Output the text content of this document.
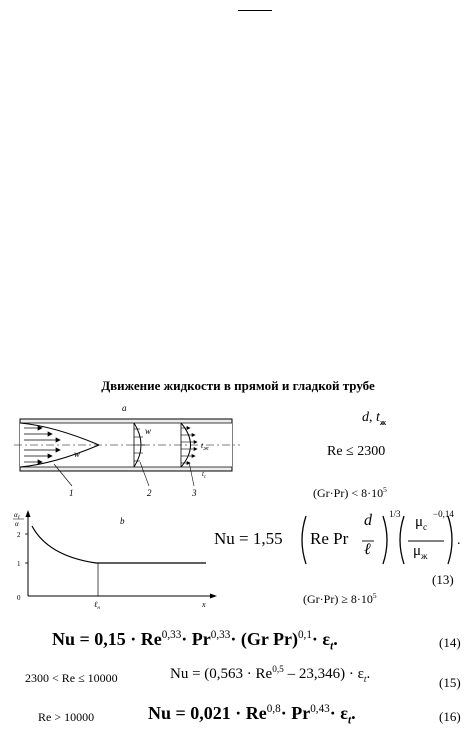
Движение жидкости в прямой и гладкой трубе
a
w
w
$t_ж$
$t_c$
1	2	3
2
1
0
x
ℓ$_н$
b
$\alpha_\ell$
α
d, $t_ж$
Re ≤ 2300
$(Gr\cdot Pr) < 8\cdot 10^5$
Nu = 1,55 Re Pr
d
ℓ
1/3 $\mu_с$
$\mu_ж$
−0,14
.
(13)
$(Gr\cdot Pr) \ge 8\cdot 10^5$
Nu = 0,15 · Re$^{0,33}$· Pr$^{0,33}$· (Gr $Pr)^{0,1}\cdot \varepsilon_t$.	(14)
2300 < Re ≤ 10000	$Nu = (0,563 \cdot Re^{0,5} - 23,346) \cdot \varepsilon_t$.
(15)
Re > 10000	$Nu = 0,021 \cdot Re^{0,8}\cdot Pr^{0,43}\cdot \varepsilon_t$.	(16)
